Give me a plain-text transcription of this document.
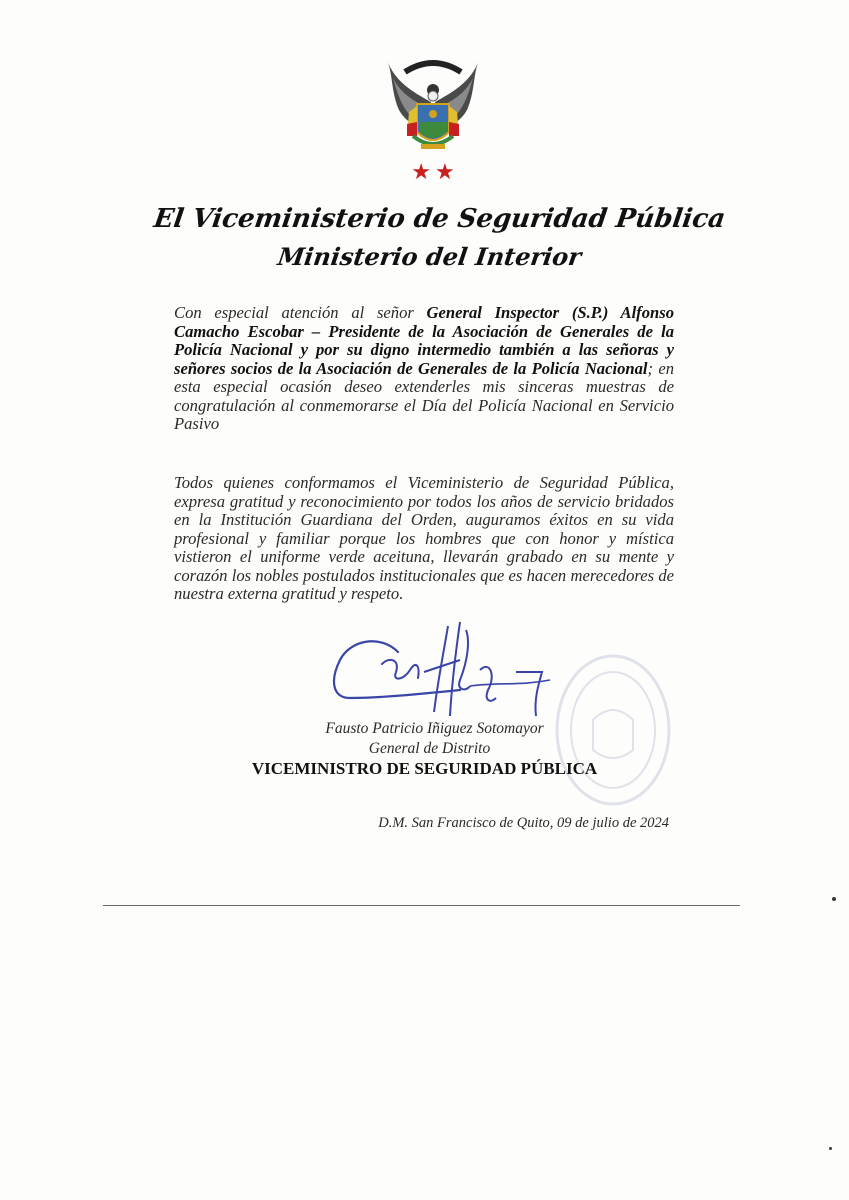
★★
El Viceministerio de Seguridad Pública
Ministerio del Interior
Con especial atención al señor General Inspector (S.P.) Alfonso Camacho Escobar – Presidente de la Asociación de Generales de la Policía Nacional y por su digno intermedio también a las señoras y señores socios de la Asociación de Generales de la Policía Nacional; en esta especial ocasión deseo extenderles mis sinceras muestras de congratulación al conmemorarse el Día del Policía Nacional en Servicio Pasivo
Todos quienes conformamos el Viceministerio de Seguridad Pública, expresa gratitud y reconocimiento por todos los años de servicio bridados en la Institución Guardiana del Orden, auguramos éxitos en su vida profesional y familiar porque los hombres que con honor y mística vistieron el uniforme verde aceituna, llevarán grabado en su mente y corazón los nobles postulados institucionales que es hacen merecedores de nuestra externa gratitud y respeto.
Fausto Patricio Iñiguez Sotomayor
General de Distrito
VICEMINISTRO DE SEGURIDAD PÚBLICA
D.M. San Francisco de Quito, 09 de julio de 2024
